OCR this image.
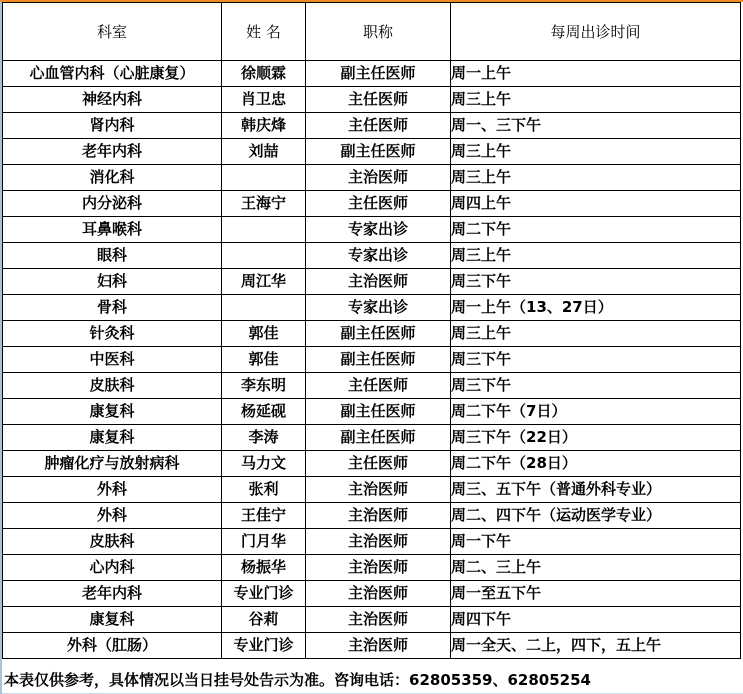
科室	姓 名	职称	每周出诊时间
心血管内科（心脏康复）	徐顺霖	副主任医师	周一上午
神经内科	肖卫忠	主任医师	周三上午
肾内科	韩庆烽	主任医师	周一、三下午
老年内科	刘喆	副主任医师	周三上午
消化科		主治医师	周三上午
内分泌科	王海宁	主任医师	周四上午
耳鼻喉科		专家出诊	周二下午
眼科		专家出诊	周三上午
妇科	周江华	主治医师	周三下午
骨科		专家出诊	周一上午（13、27日）
针灸科	郭佳	副主任医师	周三上午
中医科	郭佳	副主任医师	周三下午
皮肤科	李东明	主任医师	周三下午
康复科	杨延砚	副主任医师	周二下午（7日）
康复科	李涛	副主任医师	周三下午（22日）
肿瘤化疗与放射病科	马力文	主任医师	周二下午（28日）
外科	张利	主治医师	周三、五下午（普通外科专业）
外科	王佳宁	主治医师	周二、四下午（运动医学专业）
皮肤科	门月华	主治医师	周一下午
心内科	杨振华	主治医师	周二、三上午
老年内科	专业门诊	主治医师	周一至五下午
康复科	谷莉	主治医师	周四下午
外科（肛肠）	专业门诊	主治医师	周一全天、二上，四下，五上午
本表仅供参考，具体情况以当日挂号处告示为准。咨询电话：62805359、62805254
